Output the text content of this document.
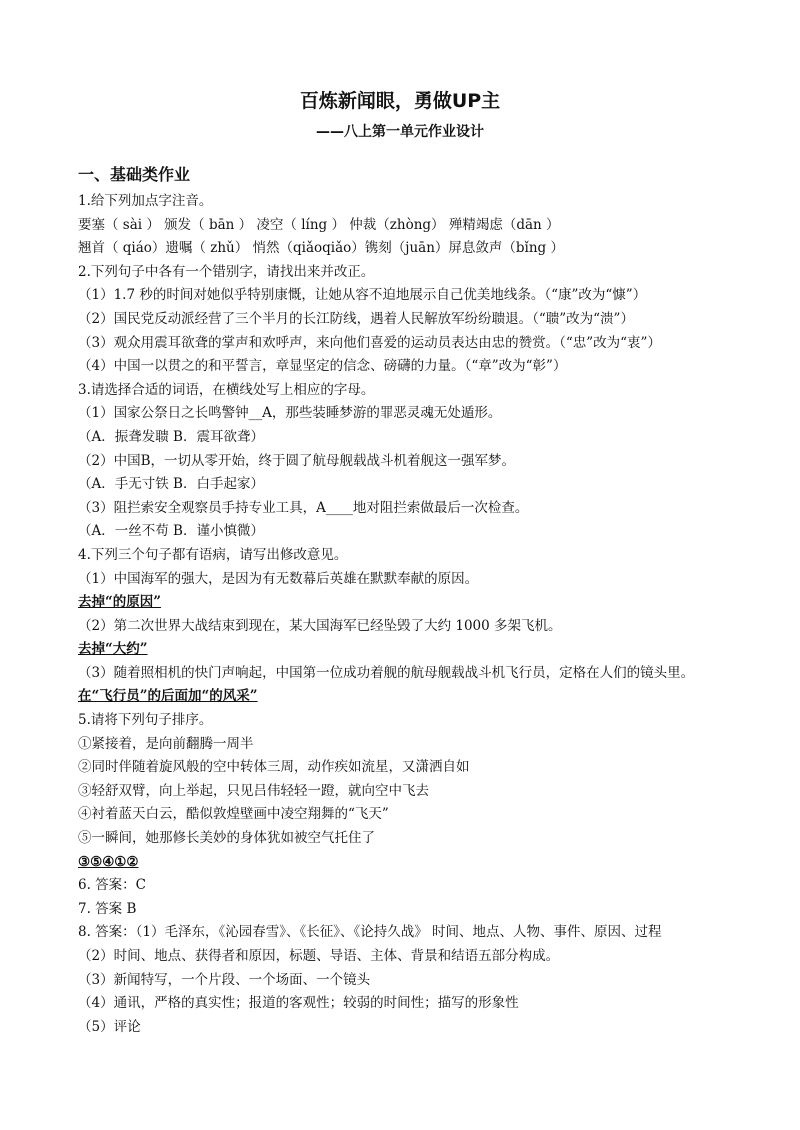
百炼新闻眼，勇做UP主
——八上第一单元作业设计
一、基础类作业
1.给下列加点字注音。
要塞（ sài ） 颁发（ bān ） 凌空（ líng ） 仲裁（zhòng） 殚精竭虑（dān ）
翘首（ qiáo）遗嘱（ zhǔ） 悄然（qiǎoqiǎo）镌刻（juān）屏息敛声（bǐng ）
2.下列句子中各有一个错别字，请找出来并改正。
（1）1.7 秒的时间对她似乎特别康慨，让她从容不迫地展示自己优美地线条。（“康”改为“慷”）
（2）国民党反动派经营了三个半月的长江防线，遇着人民解放军纷纷聩退。（“聩”改为“溃”）
（3）观众用震耳欲聋的掌声和欢呼声，来向他们喜爱的运动员表达由忠的赞赏。（“忠”改为“衷”）
（4）中国一以贯之的和平誓言，章显坚定的信念、磅礴的力量。（“章”改为“彰”）
3.请选择合适的词语，在横线处写上相应的字母。
（1）国家公祭日之长鸣警钟__A，那些装睡梦游的罪恶灵魂无处遁形。
（A．振聋发聩 B．震耳欲聋）
（2）中国B，一切从零开始，终于圆了航母舰载战斗机着舰这一强军梦。
（A．手无寸铁 B．白手起家）
（3）阻拦索安全观察员手持专业工具，A____地对阻拦索做最后一次检查。
（A．一丝不苟 B．谨小慎微）
4.下列三个句子都有语病，请写出修改意见。
（1）中国海军的强大，是因为有无数幕后英雄在默默奉献的原因。
去掉“的原因”
（2）第二次世界大战结束到现在，某大国海军已经坠毁了大约 1000 多架飞机。
去掉“大约”
（3）随着照相机的快门声响起，中国第一位成功着舰的航母舰载战斗机飞行员，定格在人们的镜头里。
在“飞行员”的后面加“的风采”
5.请将下列句子排序。
①紧接着，是向前翻腾一周半
②同时伴随着旋风般的空中转体三周，动作疾如流星，又潇洒自如
③轻舒双臂，向上举起，只见吕伟轻轻一蹬，就向空中飞去
④衬着蓝天白云，酷似敦煌壁画中凌空翔舞的“飞天”
⑤一瞬间，她那修长美妙的身体犹如被空气托住了
③⑤④①②
6. 答案：C
7. 答案 B
8. 答案：（1）毛泽东，《沁园春雪》、《长征》、《论持久战》 时间、地点、人物、事件、原因、过程
（2）时间、地点、获得者和原因，标题、导语、主体、背景和结语五部分构成。
（3）新闻特写，一个片段、一个场面、一个镜头
（4）通讯，严格的真实性；报道的客观性；较弱的时间性；描写的形象性
（5）评论
